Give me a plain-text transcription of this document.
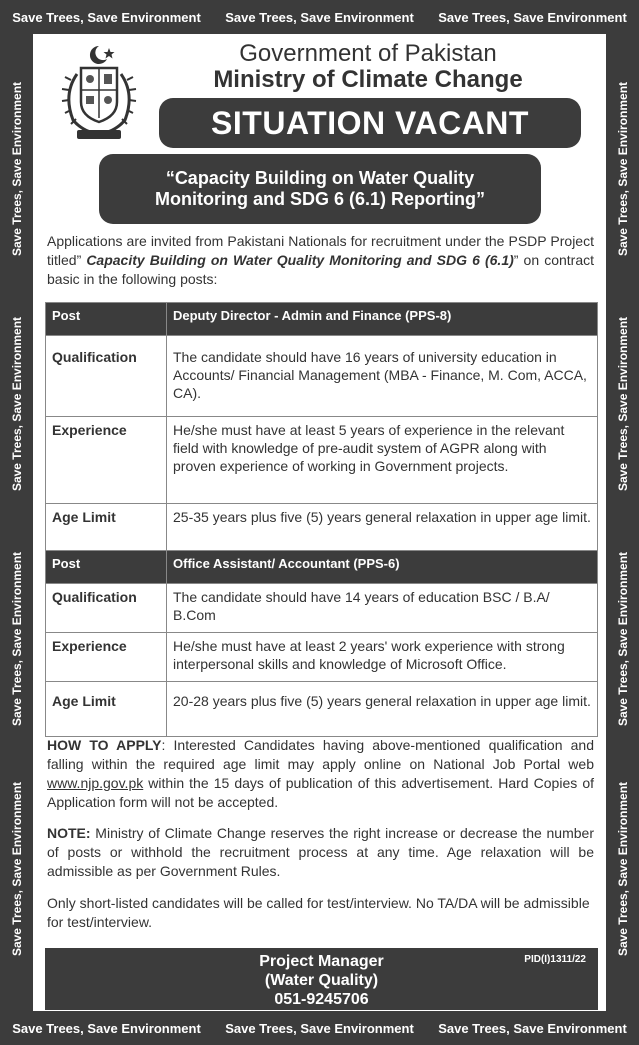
Save Trees, Save Environment Save Trees, Save Environment Save Trees, Save Environment
Save Trees, Save Environment Save Trees, Save Environment Save Trees, Save Environment
Save Trees, Save Environment
Save Trees, Save Environment
Save Trees, Save Environment
Save Trees, Save Environment
Save Trees, Save Environment
Save Trees, Save Environment
Save Trees, Save Environment
Save Trees, Save Environment
Government of Pakistan
Ministry of Climate Change
SITUATION VACANT
“Capacity Building on Water Quality
Monitoring and SDG 6 (6.1) Reporting”
Applications are invited from Pakistani Nationals for recruitment under the PSDP Project titled” Capacity Building on Water Quality Monitoring and SDG 6 (6.1)” on contract basic in the following posts:
Post	Deputy Director - Admin and Finance (PPS-8)
Qualification	The candidate should have 16 years of university education in Accounts/ Financial Management (MBA - Finance, M. Com, ACCA, CA).
Experience	He/she must have at least 5 years of experience in the relevant field with knowledge of pre-audit system of AGPR along with proven experience of working in Government projects.
Age Limit	25-35 years plus five (5) years general relaxation in upper age limit.
Post	Office Assistant/ Accountant (PPS-6)
Qualification	The candidate should have 14 years of education BSC / B.A/ B.Com
Experience	He/she must have at least 2 years' work experience with strong interpersonal skills and knowledge of Microsoft Office.
Age Limit	20-28 years plus five (5) years general relaxation in upper age limit.
HOW TO APPLY: Interested Candidates having above-mentioned qualification and falling within the required age limit may apply online on National Job Portal web www.njp.gov.pk within the 15 days of publication of this advertisement. Hard Copies of Application form will not be accepted.
NOTE: Ministry of Climate Change reserves the right increase or decrease the number of posts or withhold the recruitment process at any time. Age relaxation will be admissible as per Government Rules.
Only short-listed candidates will be called for test/interview. No TA/DA will be admissible for test/interview.
Project Manager
(Water Quality)
051-9245706
PID(I)1311/22
